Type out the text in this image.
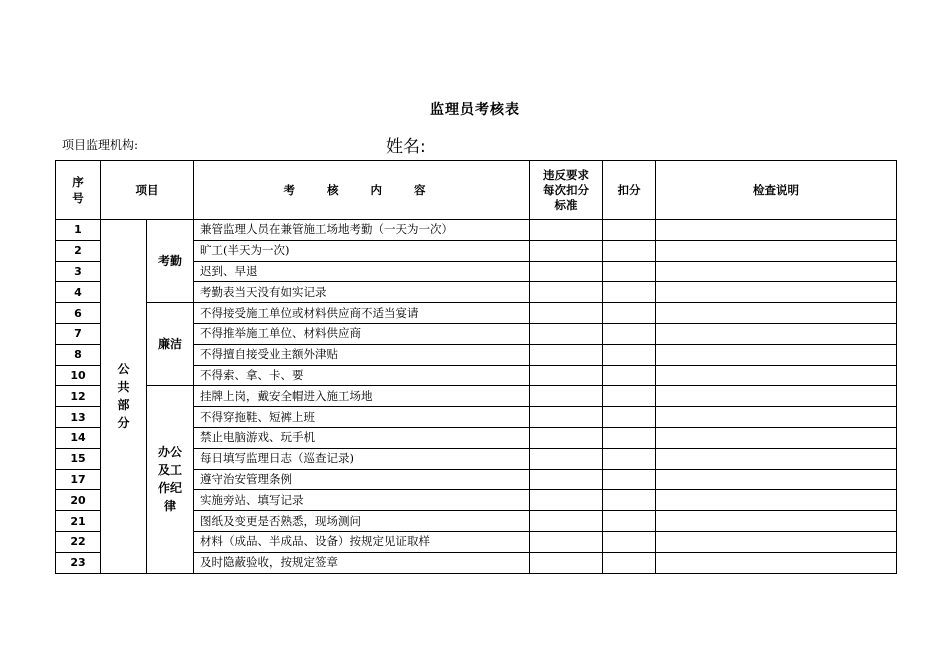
监理员考核表
项目监理机构:	姓名:
序号	项目		考 核 内 容	违反要求每次扣分标准	扣分	检查说明
1	公共部分	考勤	兼管监理人员在兼管施工场地考勤（一天为一次）			
2			旷工(半天为一次)			
3			迟到、早退			
4			考勤表当天没有如实记录			
6		廉洁	不得接受施工单位或材料供应商不适当宴请			
7			不得推举施工单位、材料供应商			
8			不得擅自接受业主额外津贴			
10			不得索、拿、卡、要			
12		办公及工作纪律	挂牌上岗，戴安全帽进入施工场地			
13			不得穿拖鞋、短裤上班			
14			禁止电脑游戏、玩手机			
15			每日填写监理日志（巡查记录)			
17			遵守治安管理条例			
20			实施旁站、填写记录			
21			图纸及变更是否熟悉，现场测问			
22			材料（成品、半成品、设备）按规定见证取样			
23			及时隐蔽验收，按规定签章			
